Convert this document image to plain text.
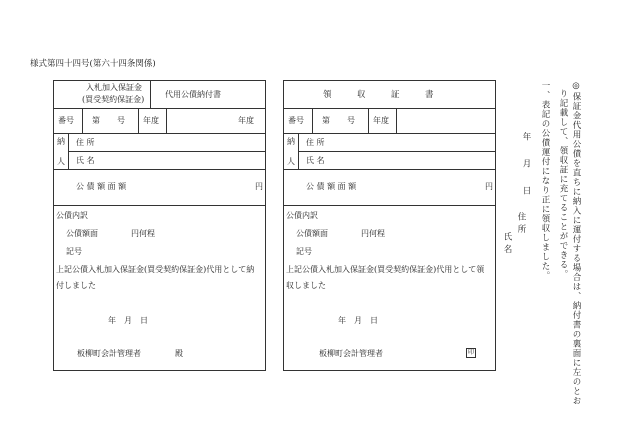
様式第四十四号(第六十四条関係)
入札加入保証金
(買受契約保証金)
代用公債納付書
番号 第 号 年度	年度
納
人
住 所
氏 名
公 債 額 面 額	円
公債内訳
公債額面	円何程
記号
上記公債入札加入保証金(買受契約保証金)代用として納
付しました
年　月　日
板柳町会計管理者	殿
領　　　収　　　証　　　書
番号 第 号 年度
納
人
住 所
氏 名
公 債 額 面 額	円
公債内訳
公債額面	円何程
記号
上記公債入札加入保証金(買受契約保証金)代用として領
収しました
年　月　日
板柳町会計管理者	印	◎保証金代用公債を直ちに納入に運付する場合は、納付書の裏面に左のとお
り記載して、領収証に充てることができる。
一、表記の公債運付になり正に領収しました。
年　月　日
住所
氏名
